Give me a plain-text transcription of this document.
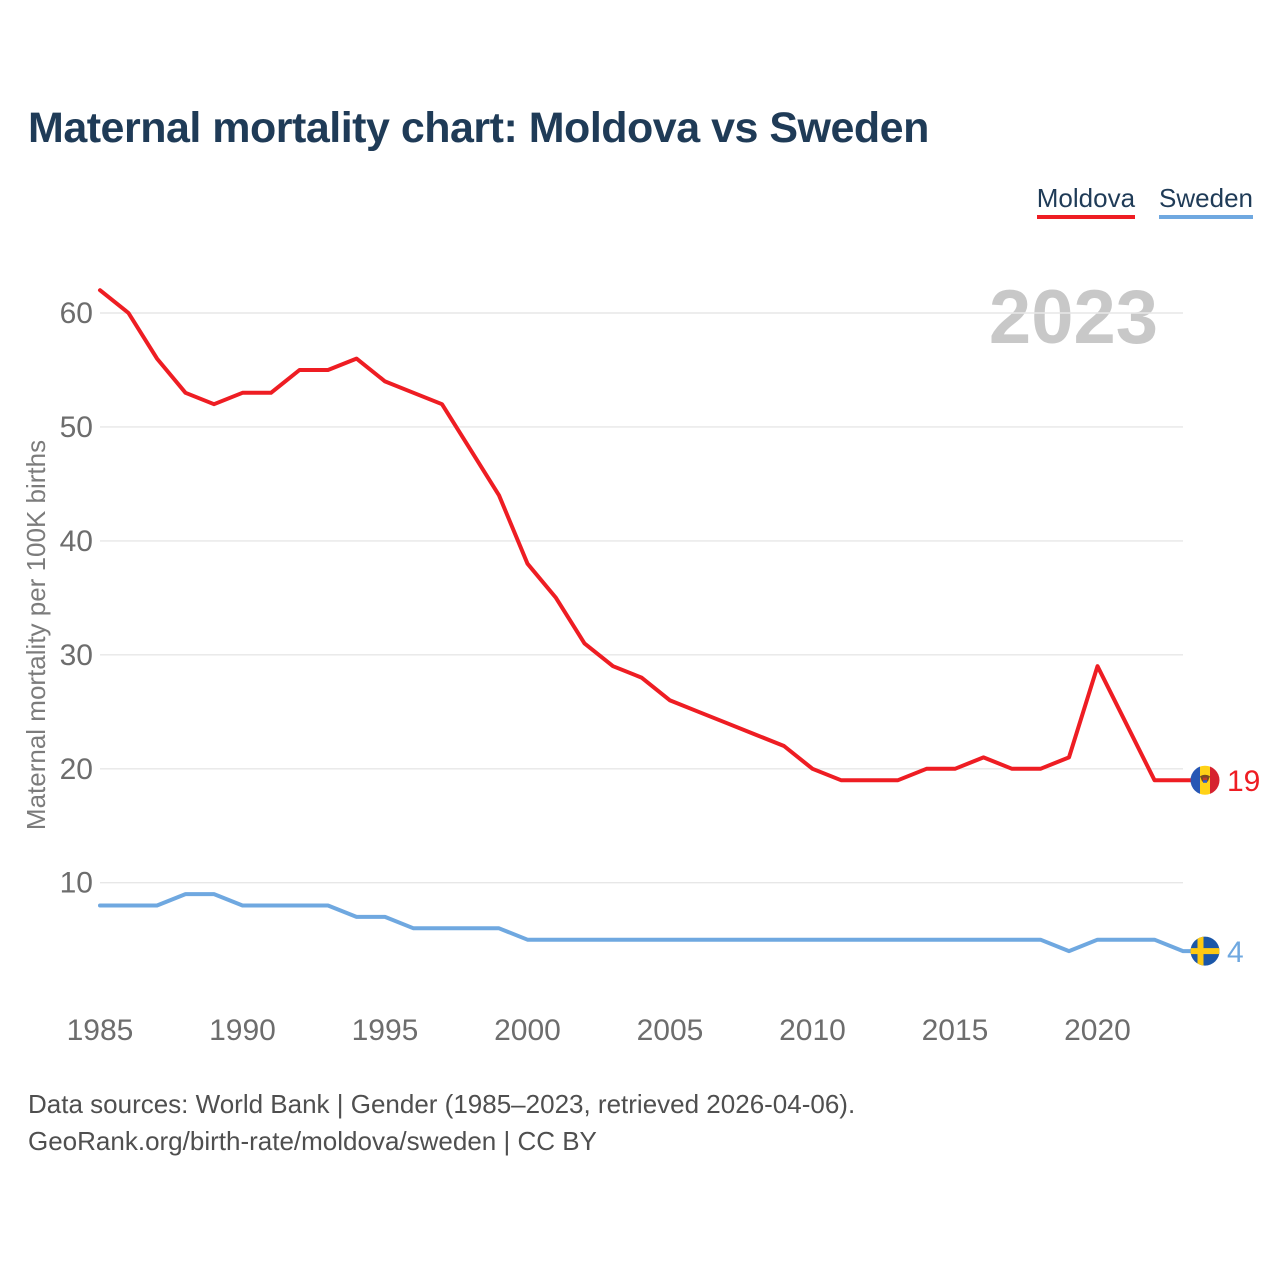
Maternal mortality chart: Moldova vs Sweden
Moldova Sweden
2023
10
20
30
40
50
60
1985	1990	1995	2000	2005	2010	2015	2020
Maternal mortality per 100K births	19
4
Data sources: World Bank | Gender (1985–2023, retrieved 2026-04-06).
GeoRank.org/birth-rate/moldova/sweden | CC BY
